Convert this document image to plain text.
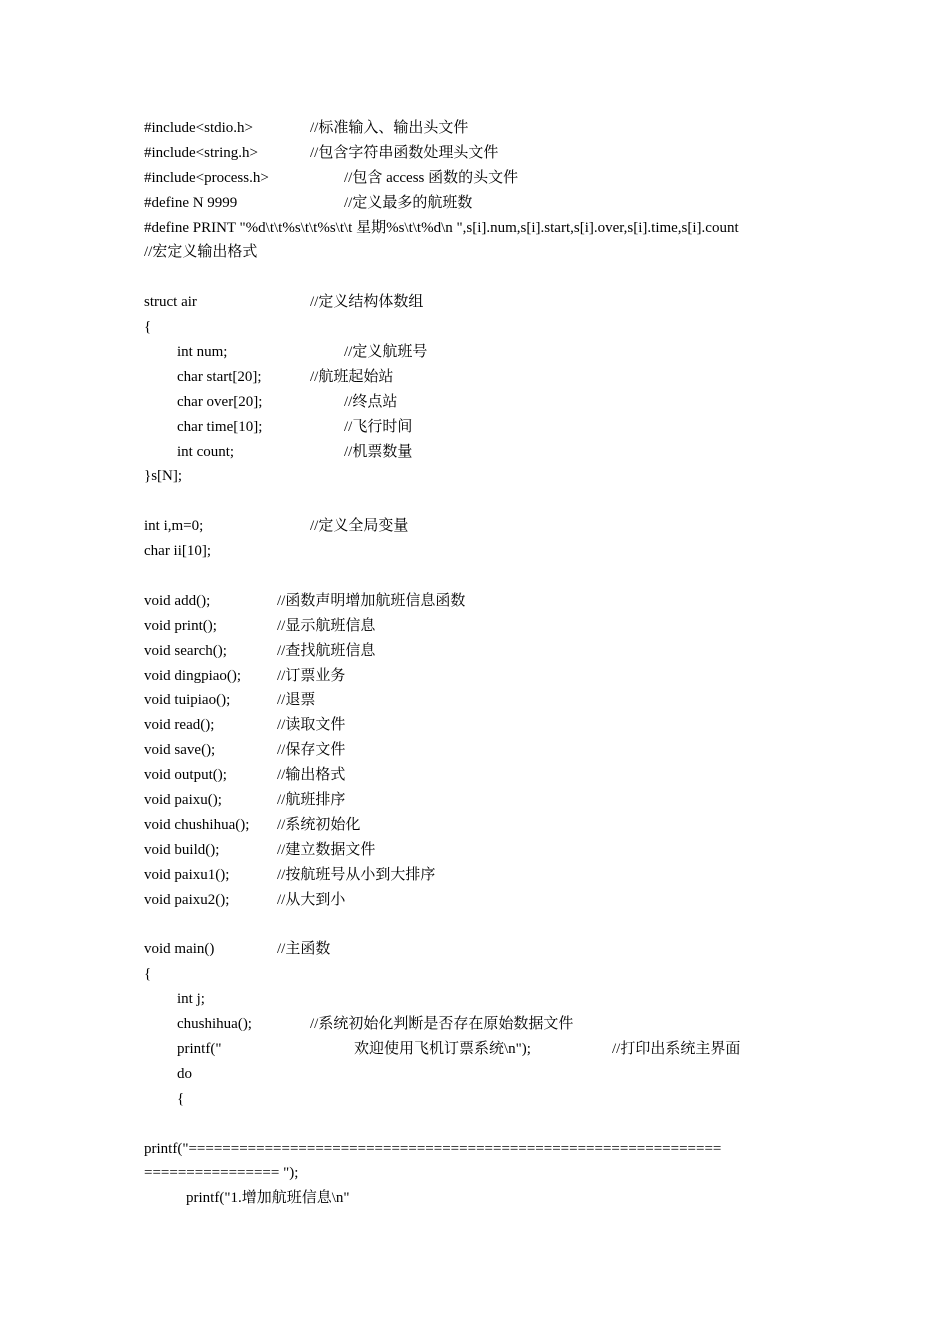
#include<stdio.h>	//标准输入、输出头文件
#include<string.h>	//包含字符串函数处理头文件
#include<process.h>	//包含 access 函数的头文件
#define N 9999	//定义最多的航班数
#define PRINT "%d\t\t%s\t\t%s\t\t 星期%s\t\t%d\n ",s[i].num,s[i].start,s[i].over,s[i].time,s[i].count
//宏定义输出格式
struct air	//定义结构体数组
{
int num;	//定义航班号
char start[20];	//航班起始站
char over[20];	//终点站
char time[10];	//飞行时间
int count;	//机票数量
}s[N];
int i,m=0;	//定义全局变量
char ii[10];
void add();	//函数声明增加航班信息函数
void print();	//显示航班信息
void search();	//查找航班信息
void dingpiao(); //订票业务
void tuipiao();	//退票
void read();	//读取文件
void save();	//保存文件
void output();	//输出格式
void paixu();	//航班排序
void chushihua(); //系统初始化
void build();	//建立数据文件
void paixu1();	//按航班号从小到大排序
void paixu2();	//从大到小
void main()	//主函数
{
int j;
chushihua();	//系统初始化判断是否存在原始数据文件
printf("	欢迎使用飞机订票系统\n");	//打印出系统主界面
do
{
printf("===============================================================
================ ");
printf("1.增加航班信息\n"
